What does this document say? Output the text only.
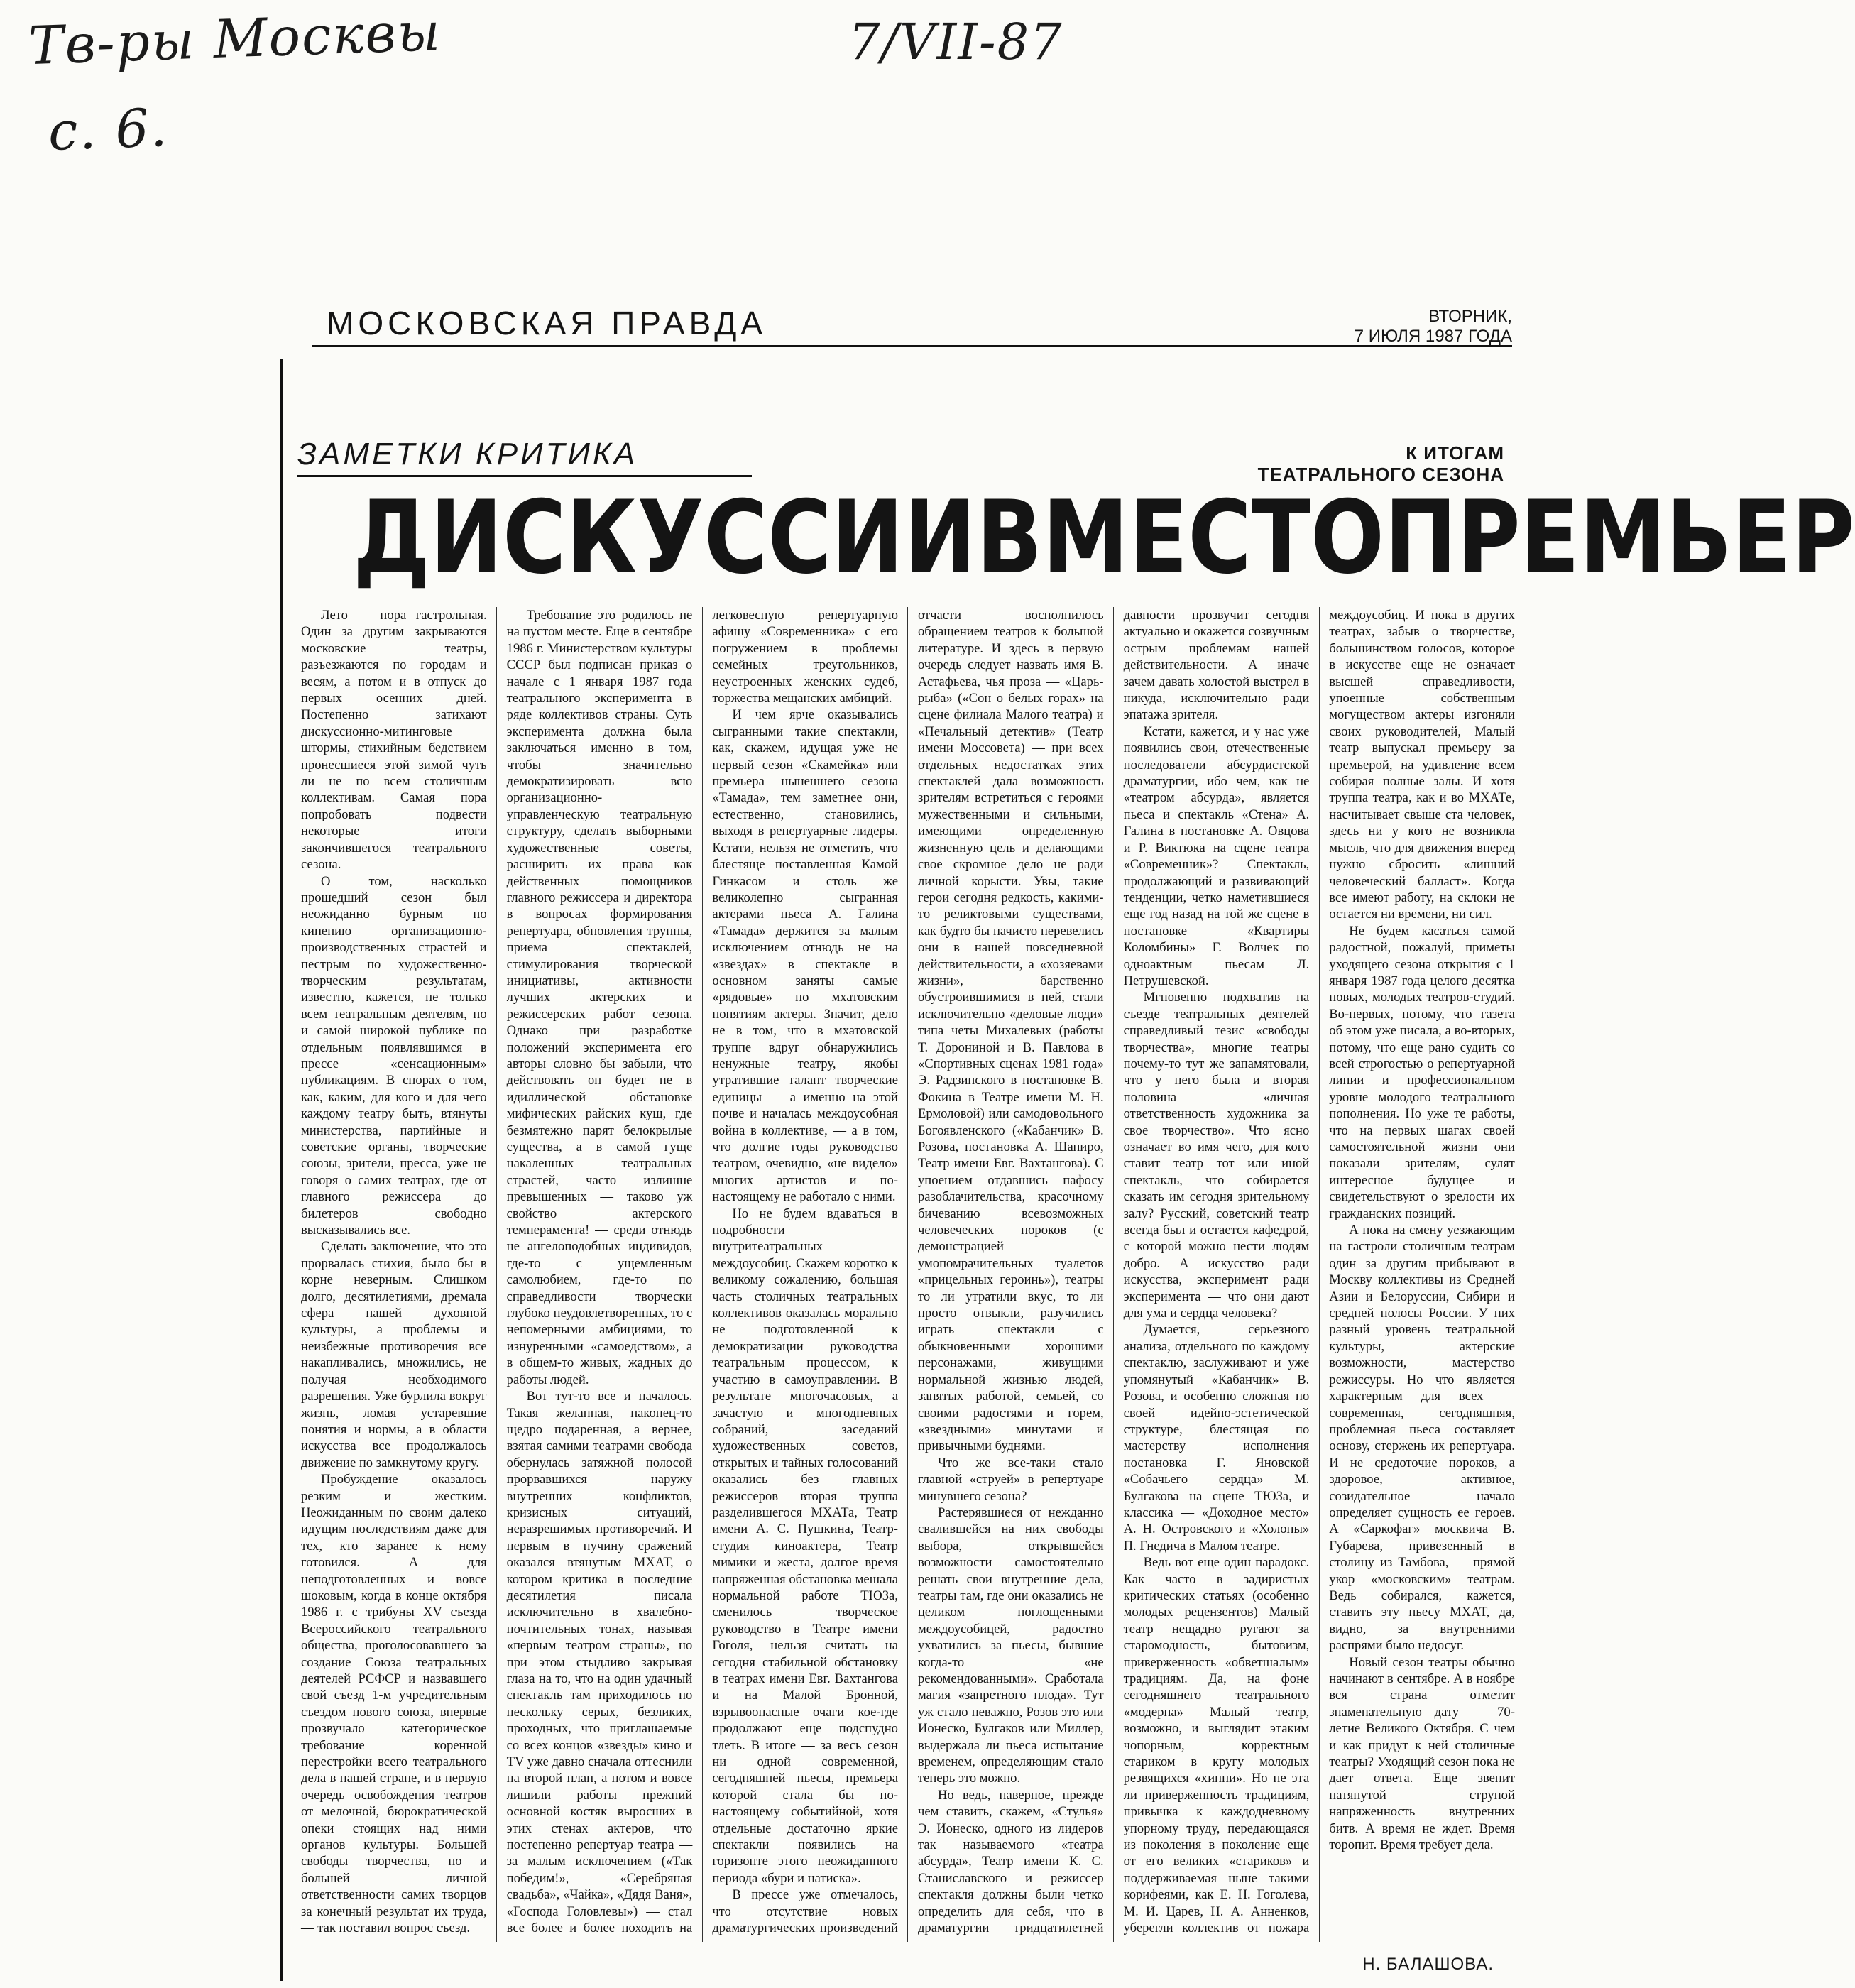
Тв-ры Москвы
с. 6.
7/VII-87
МОСКОВСКАЯ ПРАВДА	ВТОРНИК,
7 ИЮЛЯ 1987 ГОДА
ЗАМЕТКИ КРИТИКА	К ИТОГАМ
ТЕАТРАЛЬНОГО СЕЗОНА
ДИСКУССИИ ВМЕСТО ПРЕМЬЕР

Лето — пора гастрольная. Один за другим закрываются московские театры, разъезжаются по городам и весям, а потом и в отпуск до первых осенних дней. Постепенно затихают дискуссионно-митинговые штормы, стихийным бедствием пронесшиеся этой зимой чуть ли не по всем столичным коллективам. Самая пора попробовать подвести некоторые итоги закончившегося театрального сезона.

О том, насколько прошедший сезон был неожиданно бурным по кипению организационно-производственных страстей и пестрым по художественно-творческим результатам, известно, кажется, не только всем театральным деятелям, но и самой широкой публике по отдельным появлявшимся в прессе «сенсационным» публикациям. В спорах о том, как, каким, для кого и для чего каждому театру быть, втянуты министерства, партийные и советские органы, творческие союзы, зрители, пресса, уже не говоря о самих театрах, где от главного режиссера до билетеров свободно высказывались все.

Сделать заключение, что это прорвалась стихия, было бы в корне неверным. Слишком долго, десятилетиями, дремала сфера нашей духовной культуры, а проблемы и неизбежные противоречия все накапливались, множились, не получая необходимого разрешения. Уже бурлила вокруг жизнь, ломая устаревшие понятия и нормы, а в области искусства все продолжалось движение по замкнутому кругу.

Пробуждение оказалось резким и жестким. Неожиданным по своим далеко идущим последствиям даже для тех, кто заранее к нему готовился. А для неподготовленных и вовсе шоковым, когда в конце октября 1986 г. с трибуны XV съезда Всероссийского театрального общества, проголосовавшего за создание Союза театральных деятелей РСФСР и назвавшего свой съезд 1-м учредительным съездом нового союза, впервые прозвучало категорическое требование коренной перестройки всего театрального дела в нашей стране, и в первую очередь освобождения театров от мелочной, бюрократической опеки стоящих над ними органов культуры. Большей свободы творчества, но и большей личной ответственности самих творцов за конечный результат их труда, — так поставил вопрос съезд.

Требование это родилось не на пустом месте. Еще в сентябре 1986 г. Министерством культуры СССР был подписан приказ о начале с 1 января 1987 года театрального эксперимента в ряде коллективов страны. Суть эксперимента должна была заключаться именно в том, чтобы значительно демократизировать всю организационно-управленческую театральную структуру, сделать выборными художественные советы, расширить их права как действенных помощников главного режиссера и директора в вопросах формирования репертуара, обновления труппы, приема спектаклей, стимулирования творческой инициативы, активности лучших актерских и режиссерских работ сезона. Однако при разработке положений эксперимента его авторы словно бы забыли, что действовать он будет не в идиллической обстановке мифических райских кущ, где безмятежно парят белокрылые существа, а в самой гуще накаленных театральных страстей, часто излишне превышенных — таково уж свойство актерского темперамента! — среди отнюдь не ангелоподобных индивидов, где-то с ущемленным самолюбием, где-то по справедливости творчески глубоко неудовлетворенных, то с непомерными амбициями, то изнуренными «самоедством», а в общем-то живых, жадных до работы людей.

Вот тут-то все и началось. Такая желанная, наконец-то щедро подаренная, а вернее, взятая самими театрами свобода обернулась затяжной полосой прорвавшихся наружу внутренних конфликтов, кризисных ситуаций, неразрешимых противоречий. И первым в пучину сражений оказался втянутым МХАТ, о котором критика в последние десятилетия писала исключительно в хвалебно-почтительных тонах, называя «первым театром страны», но при этом стыдливо закрывая глаза на то, что на один удачный спектакль там приходилось по нескольку серых, безликих, проходных, что приглашаемые со всех концов «звезды» кино и TV уже давно сначала оттеснили на второй план, а потом и вовсе лишили работы прежний основной костяк выросших в этих стенах актеров, что постепенно репертуар театра — за малым исключением («Так победим!», «Серебряная свадьба», «Чайка», «Дядя Ваня», «Господа Головлевы») — стал все более и более походить на легковесную репертуарную афишу «Современника» с его погружением в проблемы семейных треугольников, неустроенных женских судеб, торжества мещанских амбиций.

И чем ярче оказывались сыгранными такие спектакли, как, скажем, идущая уже не первый сезон «Скамейка» или премьера нынешнего сезона «Тамада», тем заметнее они, естественно, становились, выходя в репертуарные лидеры. Кстати, нельзя не отметить, что блестяще поставленная Камой Гинкасом и столь же великолепно сыгранная актерами пьеса А. Галина «Тамада» держится за малым исключением отнюдь не на «звездах» в спектакле в основном заняты самые «рядовые» по мхатовским понятиям актеры. Значит, дело не в том, что в мхатовской труппе вдруг обнаружились ненужные театру, якобы утратившие талант творческие единицы — а именно на этой почве и началась междоусобная война в коллективе, — а в том, что долгие годы руководство театром, очевидно, «не видело» многих артистов и по-настоящему не работало с ними.

Но не будем вдаваться в подробности внутритеатральных междоусобиц. Скажем коротко к великому сожалению, большая часть столичных театральных коллективов оказалась морально не подготовленной к демократизации руководства театральным процессом, к участию в самоуправлении. В результате многочасовых, а зачастую и многодневных собраний, заседаний художественных советов, открытых и тайных голосований оказались без главных режиссеров вторая труппа разделившегося МХАТа, Театр имени А. С. Пушкина, Театр-студия киноактера, Театр мимики и жеста, долгое время напряженная обстановка мешала нормальной работе ТЮЗа, сменилось творческое руководство в Театре имени Гоголя, нельзя считать на сегодня стабильной обстановку в театрах имени Евг. Вахтангова и на Малой Бронной, взрывоопасные очаги кое-где продолжают еще подспудно тлеть. В итоге — за весь сезон ни одной современной, сегодняшней пьесы, премьера которой стала бы по-настоящему событийной, хотя отдельные достаточно яркие спектакли появились на горизонте этого неожиданного периода «бури и натиска».

В прессе уже отмечалось, что отсутствие новых драматургических произведений отчасти восполнилось обращением театров к большой литературе. И здесь в первую очередь следует назвать имя В. Астафьева, чья проза — «Царь-рыба» («Сон о белых горах» на сцене филиала Малого театра) и «Печальный детектив» (Театр имени Моссовета) — при всех отдельных недостатках этих спектаклей дала возможность зрителям встретиться с героями мужественными и сильными, имеющими определенную жизненную цель и делающими свое скромное дело не ради личной корысти. Увы, такие герои сегодня редкость, какими-то реликтовыми существами, как будто бы начисто перевелись они в нашей повседневной действительности, а «хозяевами жизни», барственно обустроившимися в ней, стали исключительно «деловые люди» типа четы Михалевых (работы Т. Дорониной и В. Павлова в «Спортивных сценах 1981 года» Э. Радзинского в постановке В. Фокина в Театре имени М. Н. Ермоловой) или самодовольного Богоявленского («Кабанчик» В. Розова, постановка А. Шапиро, Театр имени Евг. Вахтангова). С упоением отдавшись пафосу разоблачительства, красочному бичеванию всевозможных человеческих пороков (с демонстрацией умопомрачительных туалетов «прицельных героинь»), театры то ли утратили вкус, то ли просто отвыкли, разучились играть спектакли с обыкновенными хорошими персонажами, живущими нормальной жизнью людей, занятых работой, семьей, со своими радостями и горем, «звездными» минутами и привычными буднями.

Что же все-таки стало главной «струей» в репертуаре минувшего сезона?

Растерявшиеся от нежданно свалившейся на них свободы выбора, открывшейся возможности самостоятельно решать свои внутренние дела, театры там, где они оказались не целиком поглощенными междоусобицей, радостно ухватились за пьесы, бывшие когда-то «не рекомендованными». Сработала магия «запретного плода». Тут уж стало неважно, Розов это или Ионеско, Булгаков или Миллер, выдержала ли пьеса испытание временем, определяющим стало теперь это можно.

Но ведь, наверное, прежде чем ставить, скажем, «Стулья» Э. Ионеско, одного из лидеров так называемого «театра абсурда», Театр имени К. С. Станиславского и режиссер спектакля должны были четко определить для себя, что в драматургии тридцатилетней давности прозвучит сегодня актуально и окажется созвучным острым проблемам нашей действительности. А иначе зачем давать холостой выстрел в никуда, исключительно ради эпатажа зрителя.

Кстати, кажется, и у нас уже появились свои, отечественные последователи абсурдистской драматургии, ибо чем, как не «театром абсурда», является пьеса и спектакль «Стена» А. Галина в постановке А. Овцова и Р. Виктюка на сцене театра «Современник»? Спектакль, продолжающий и развивающий тенденции, четко наметившиеся еще год назад на той же сцене в постановке «Квартиры Коломбины» Г. Волчек по одноактным пьесам Л. Петрушевской.

Мгновенно подхватив на съезде театральных деятелей справедливый тезис «свободы творчества», многие театры почему-то тут же запамятовали, что у него была и вторая половина — «личная ответственность художника за свое творчество». Что ясно означает во имя чего, для кого ставит театр тот или иной спектакль, что собирается сказать им сегодня зрительному залу? Русский, советский театр всегда был и остается кафедрой, с которой можно нести людям добро. А искусство ради искусства, эксперимент ради эксперимента — что они дают для ума и сердца человека?

Думается, серьезного анализа, отдельного по каждому спектаклю, заслуживают и уже упомянутый «Кабанчик» В. Розова, и особенно сложная по своей идейно-эстетической структуре, блестящая по мастерству исполнения постановка Г. Яновской «Собачьего сердца» М. Булгакова на сцене ТЮЗа, и классика — «Доходное место» А. Н. Островского и «Холопы» П. Гнедича в Малом театре.

Ведь вот еще один парадокс. Как часто в задиристых критических статьях (особенно молодых рецензентов) Малый театр нещадно ругают за старомодность, бытовизм, приверженность «обветшалым» традициям. Да, на фоне сегодняшнего театрального «модерна» Малый театр, возможно, и выглядит этаким чопорным, корректным стариком в кругу молодых резвящихся «хиппи». Но не эта ли приверженность традициям, привычка к каждодневному упорному труду, передающаяся из поколения в поколение еще от его великих «стариков» и поддерживаемая ныне такими корифеями, как Е. Н. Гоголева, М. И. Царев, Н. А. Анненков, уберегли коллектив от пожара междоусобиц. И пока в других театрах, забыв о творчестве, большинством голосов, которое в искусстве еще не означает высшей справедливости, упоенные собственным могуществом актеры изгоняли своих руководителей, Малый театр выпускал премьеру за премьерой, на удивление всем собирая полные залы. И хотя труппа театра, как и во МХАТе, насчитывает свыше ста человек, здесь ни у кого не возникла мысль, что для движения вперед нужно сбросить «лишний человеческий балласт». Когда все имеют работу, на склоки не остается ни времени, ни сил.

Не будем касаться самой радостной, пожалуй, приметы уходящего сезона открытия с 1 января 1987 года целого десятка новых, молодых театров-студий. Во-первых, потому, что газета об этом уже писала, а во-вторых, потому, что еще рано судить со всей строгостью о репертуарной линии и профессиональном уровне молодого театрального пополнения. Но уже те работы, что на первых шагах своей самостоятельной жизни они показали зрителям, сулят интересное будущее и свидетельствуют о зрелости их гражданских позиций.

А пока на смену уезжающим на гастроли столичным театрам один за другим прибывают в Москву коллективы из Средней Азии и Белоруссии, Сибири и средней полосы России. У них разный уровень театральной культуры, актерские возможности, мастерство режиссуры. Но что является характерным для всех — современная, сегодняшняя, проблемная пьеса составляет основу, стержень их репертуара. И не средоточие пороков, а здоровое, активное, созидательное начало определяет сущность ее героев. А «Саркофаг» москвича В. Губарева, привезенный в столицу из Тамбова, — прямой укор «московским» театрам. Ведь собирался, кажется, ставить эту пьесу МХАТ, да, видно, за внутренними распрями было недосуг.

Новый сезон театры обычно начинают в сентябре. А в ноябре вся страна отметит знаменательную дату — 70-летие Великого Октября. С чем и как придут к ней столичные театры? Уходящий сезон пока не дает ответа. Еще звенит натянутой струной напряженность внутренних битв. А время не ждет. Время торопит. Время требует дела.

Н. БАЛАШОВА.
